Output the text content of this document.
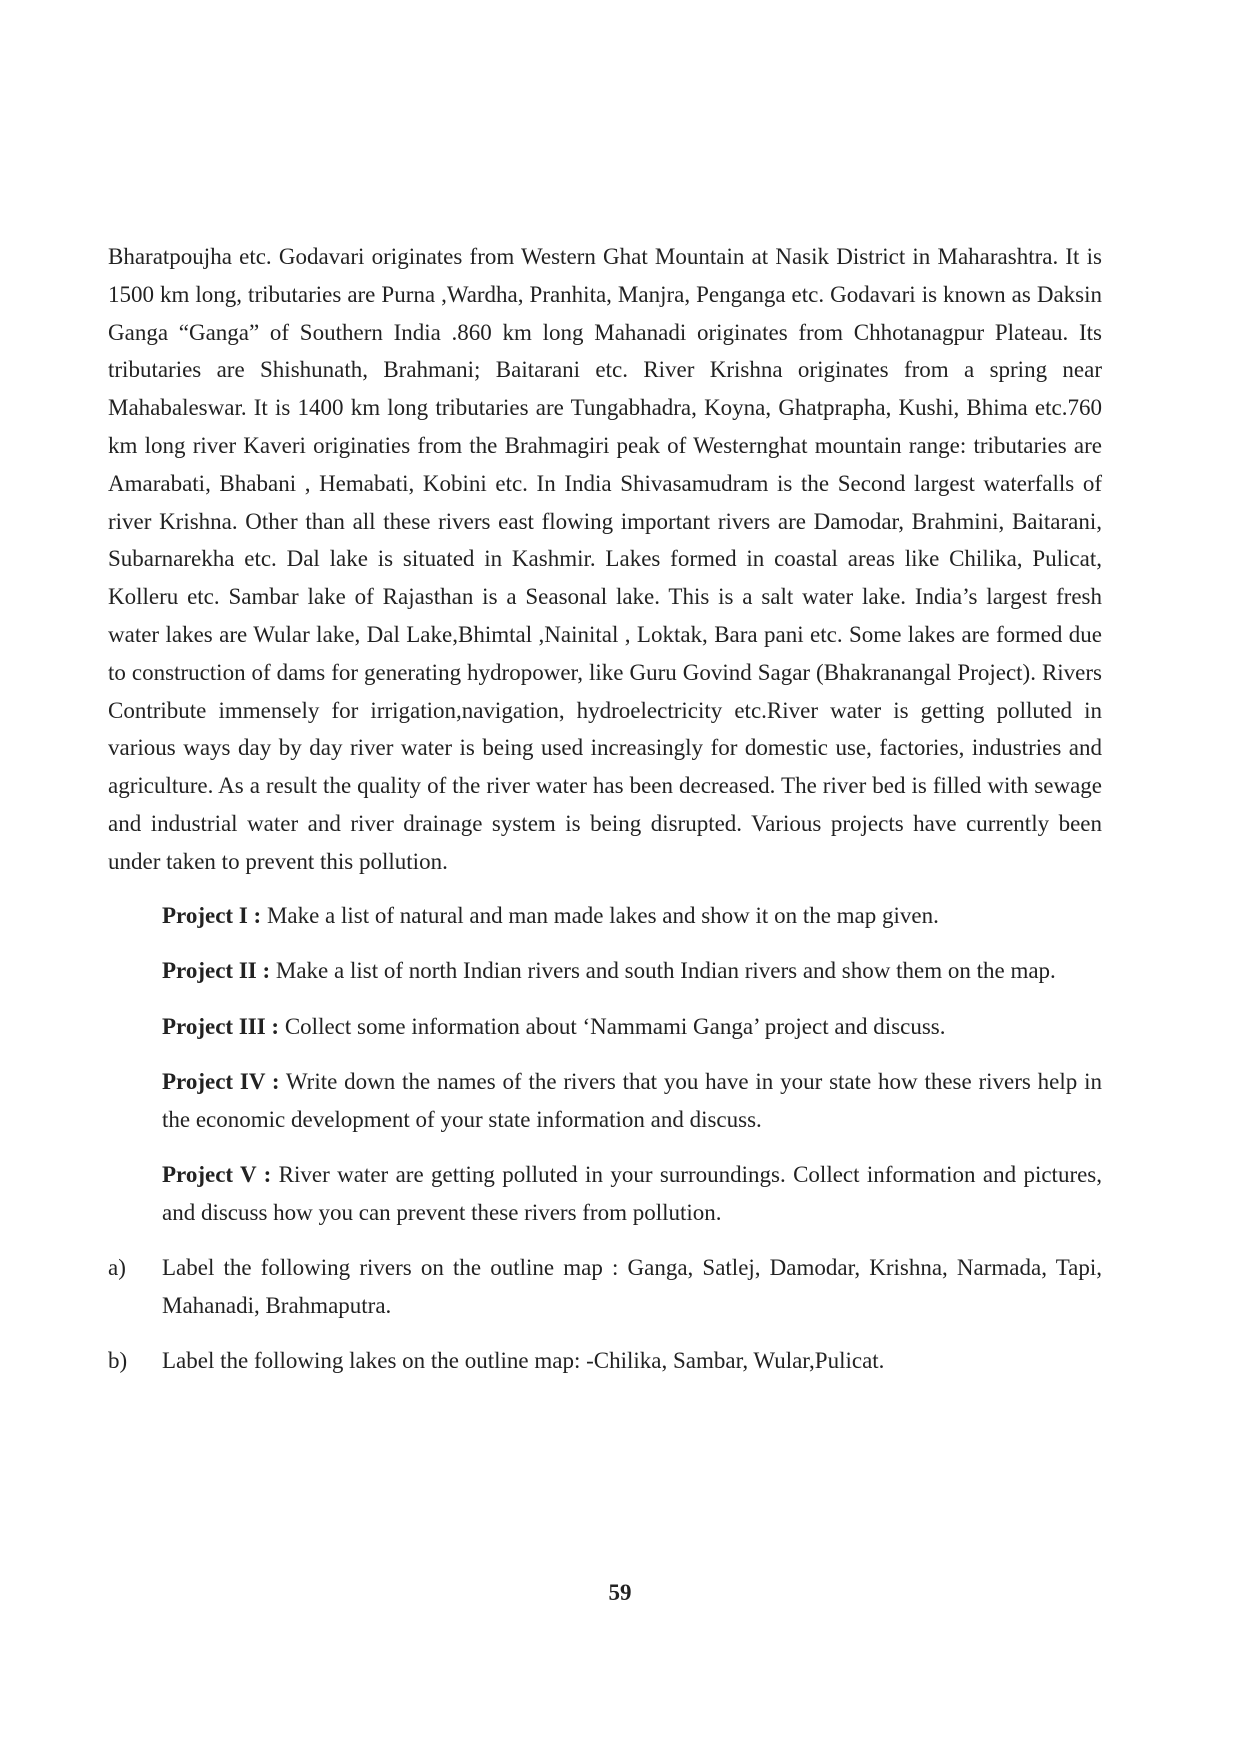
Bharatpoujha etc. Godavari originates from Western Ghat Mountain at Nasik District in Maharashtra. It is 1500 km long, tributaries are Purna ,Wardha, Pranhita, Manjra, Penganga etc. Godavari is known as Daksin Ganga “Ganga” of Southern India .860 km long Mahanadi originates from Chhotanagpur Plateau. Its tributaries are Shishunath, Brahmani; Baitarani etc. River Krishna originates from a spring near Mahabaleswar. It is 1400 km long tributaries are Tungabhadra, Koyna, Ghatprapha, Kushi, Bhima etc.760 km long river Kaveri originaties from the Brahmagiri peak of Westernghat mountain range: tributaries are Amarabati, Bhabani , Hemabati, Kobini etc. In India Shivasamudram is the Second largest waterfalls of river Krishna. Other than all these rivers east flowing important rivers are Damodar, Brahmini, Baitarani, Subarnarekha etc. Dal lake is situated in Kashmir. Lakes formed in coastal areas like Chilika, Pulicat, Kolleru etc. Sambar lake of Rajasthan is a Seasonal lake. This is a salt water lake. India’s largest fresh water lakes are Wular lake, Dal Lake,Bhimtal ,Nainital , Loktak, Bara pani etc. Some lakes are formed due to construction of dams for generating hydropower, like Guru Govind Sagar (Bhakranangal Project). Rivers Contribute immensely for irrigation,navigation, hydroelectricity etc.River water is getting polluted in various ways day by day river water is being used increasingly for domestic use, factories, industries and agriculture. As a result the quality of the river water has been decreased. The river bed is filled with sewage and industrial water and river drainage system is being disrupted. Various projects have currently been under taken to prevent this pollution.

Project I : Make a list of natural and man made lakes and show it on the map given.

Project II : Make a list of north Indian rivers and south Indian rivers and show them on the map.

Project III : Collect some information about ‘Nammami Ganga’ project and discuss.

Project IV : Write down the names of the rivers that you have in your state how these rivers help in the economic development of your state information and discuss.

Project V : River water are getting polluted in your surroundings. Collect information and pictures, and discuss how you can prevent these rivers from pollution.

a)	Label the following rivers on the outline map : Ganga, Satlej, Damodar, Krishna, Narmada, Tapi, Mahanadi, Brahmaputra.
b)	Label the following lakes on the outline map: -Chilika, Sambar, Wular,Pulicat.
59
